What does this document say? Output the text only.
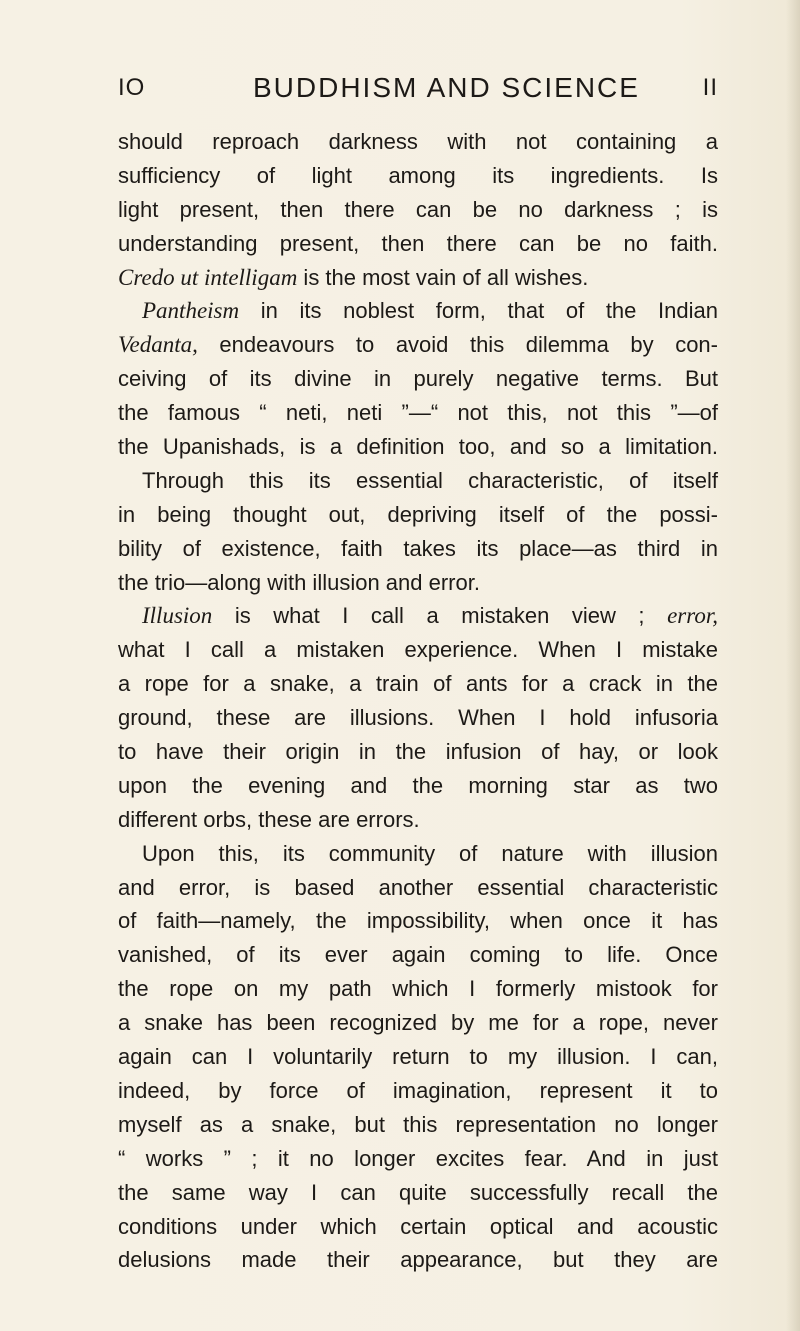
IO	BUDDHISM AND SCIENCE	II
should reproach darkness with not containing a
sufficiency of light among its ingredients. Is
light present, then there can be no darkness ; is
understanding present, then there can be no faith.
Credo ut intelligam is the most vain of all wishes.
Pantheism in its noblest form, that of the Indian
Vedanta, endeavours to avoid this dilemma by con-
ceiving of its divine in purely negative terms. But
the famous “ neti, neti ”—“ not this, not this ”—of
the Upanishads, is a definition too, and so a limitation.
Through this its essential characteristic, of itself
in being thought out, depriving itself of the possi-
bility of existence, faith takes its place—as third in
the trio—along with illusion and error.
Illusion is what I call a mistaken view ; error,
what I call a mistaken experience. When I mistake
a rope for a snake, a train of ants for a crack in the
ground, these are illusions. When I hold infusoria
to have their origin in the infusion of hay, or look
upon the evening and the morning star as two
different orbs, these are errors.
Upon this, its community of nature with illusion
and error, is based another essential characteristic
of faith—namely, the impossibility, when once it has
vanished, of its ever again coming to life. Once
the rope on my path which I formerly mistook for
a snake has been recognized by me for a rope, never
again can I voluntarily return to my illusion. I can,
indeed, by force of imagination, represent it to
myself as a snake, but this representation no longer
“ works ” ; it no longer excites fear. And in just
the same way I can quite successfully recall the
conditions under which certain optical and acoustic
delusions made their appearance, but they are
